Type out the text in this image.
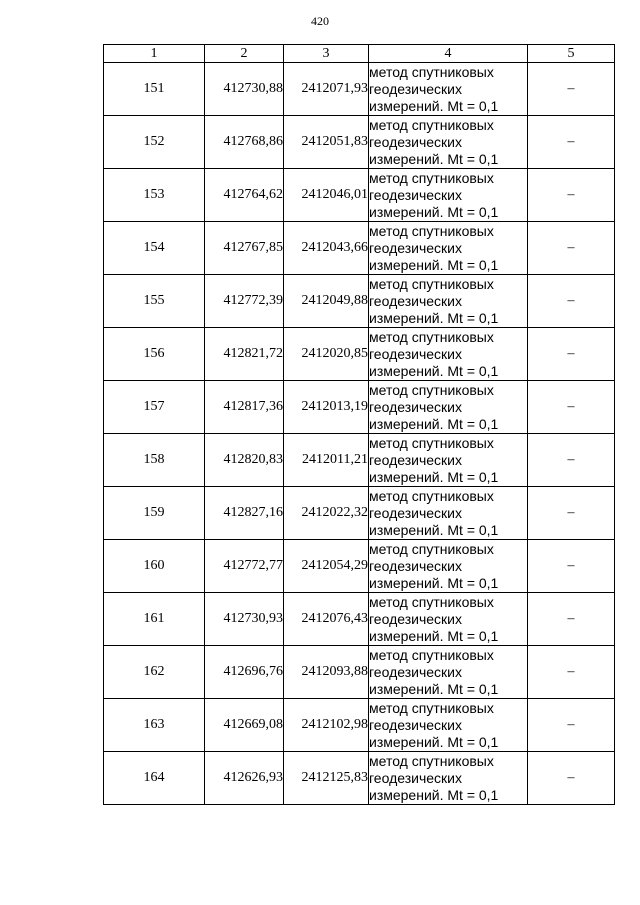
420
1	2	3	4	5
151	412730,88	2412071,93	метод спутниковых
геодезических
измерений. Mt = 0,1	–
152	412768,86	2412051,83	метод спутниковых
геодезических
измерений. Mt = 0,1	–
153	412764,62	2412046,01	метод спутниковых
геодезических
измерений. Mt = 0,1	–
154	412767,85	2412043,66	метод спутниковых
геодезических
измерений. Mt = 0,1	–
155	412772,39	2412049,88	метод спутниковых
геодезических
измерений. Mt = 0,1	–
156	412821,72	2412020,85	метод спутниковых
геодезических
измерений. Mt = 0,1	–
157	412817,36	2412013,19	метод спутниковых
геодезических
измерений. Mt = 0,1	–
158	412820,83	2412011,21	метод спутниковых
геодезических
измерений. Mt = 0,1	–
159	412827,16	2412022,32	метод спутниковых
геодезических
измерений. Mt = 0,1	–
160	412772,77	2412054,29	метод спутниковых
геодезических
измерений. Mt = 0,1	–
161	412730,93	2412076,43	метод спутниковых
геодезических
измерений. Mt = 0,1	–
162	412696,76	2412093,88	метод спутниковых
геодезических
измерений. Mt = 0,1	–
163	412669,08	2412102,98	метод спутниковых
геодезических
измерений. Mt = 0,1	–
164	412626,93	2412125,83	метод спутниковых
геодезических
измерений. Mt = 0,1	–
